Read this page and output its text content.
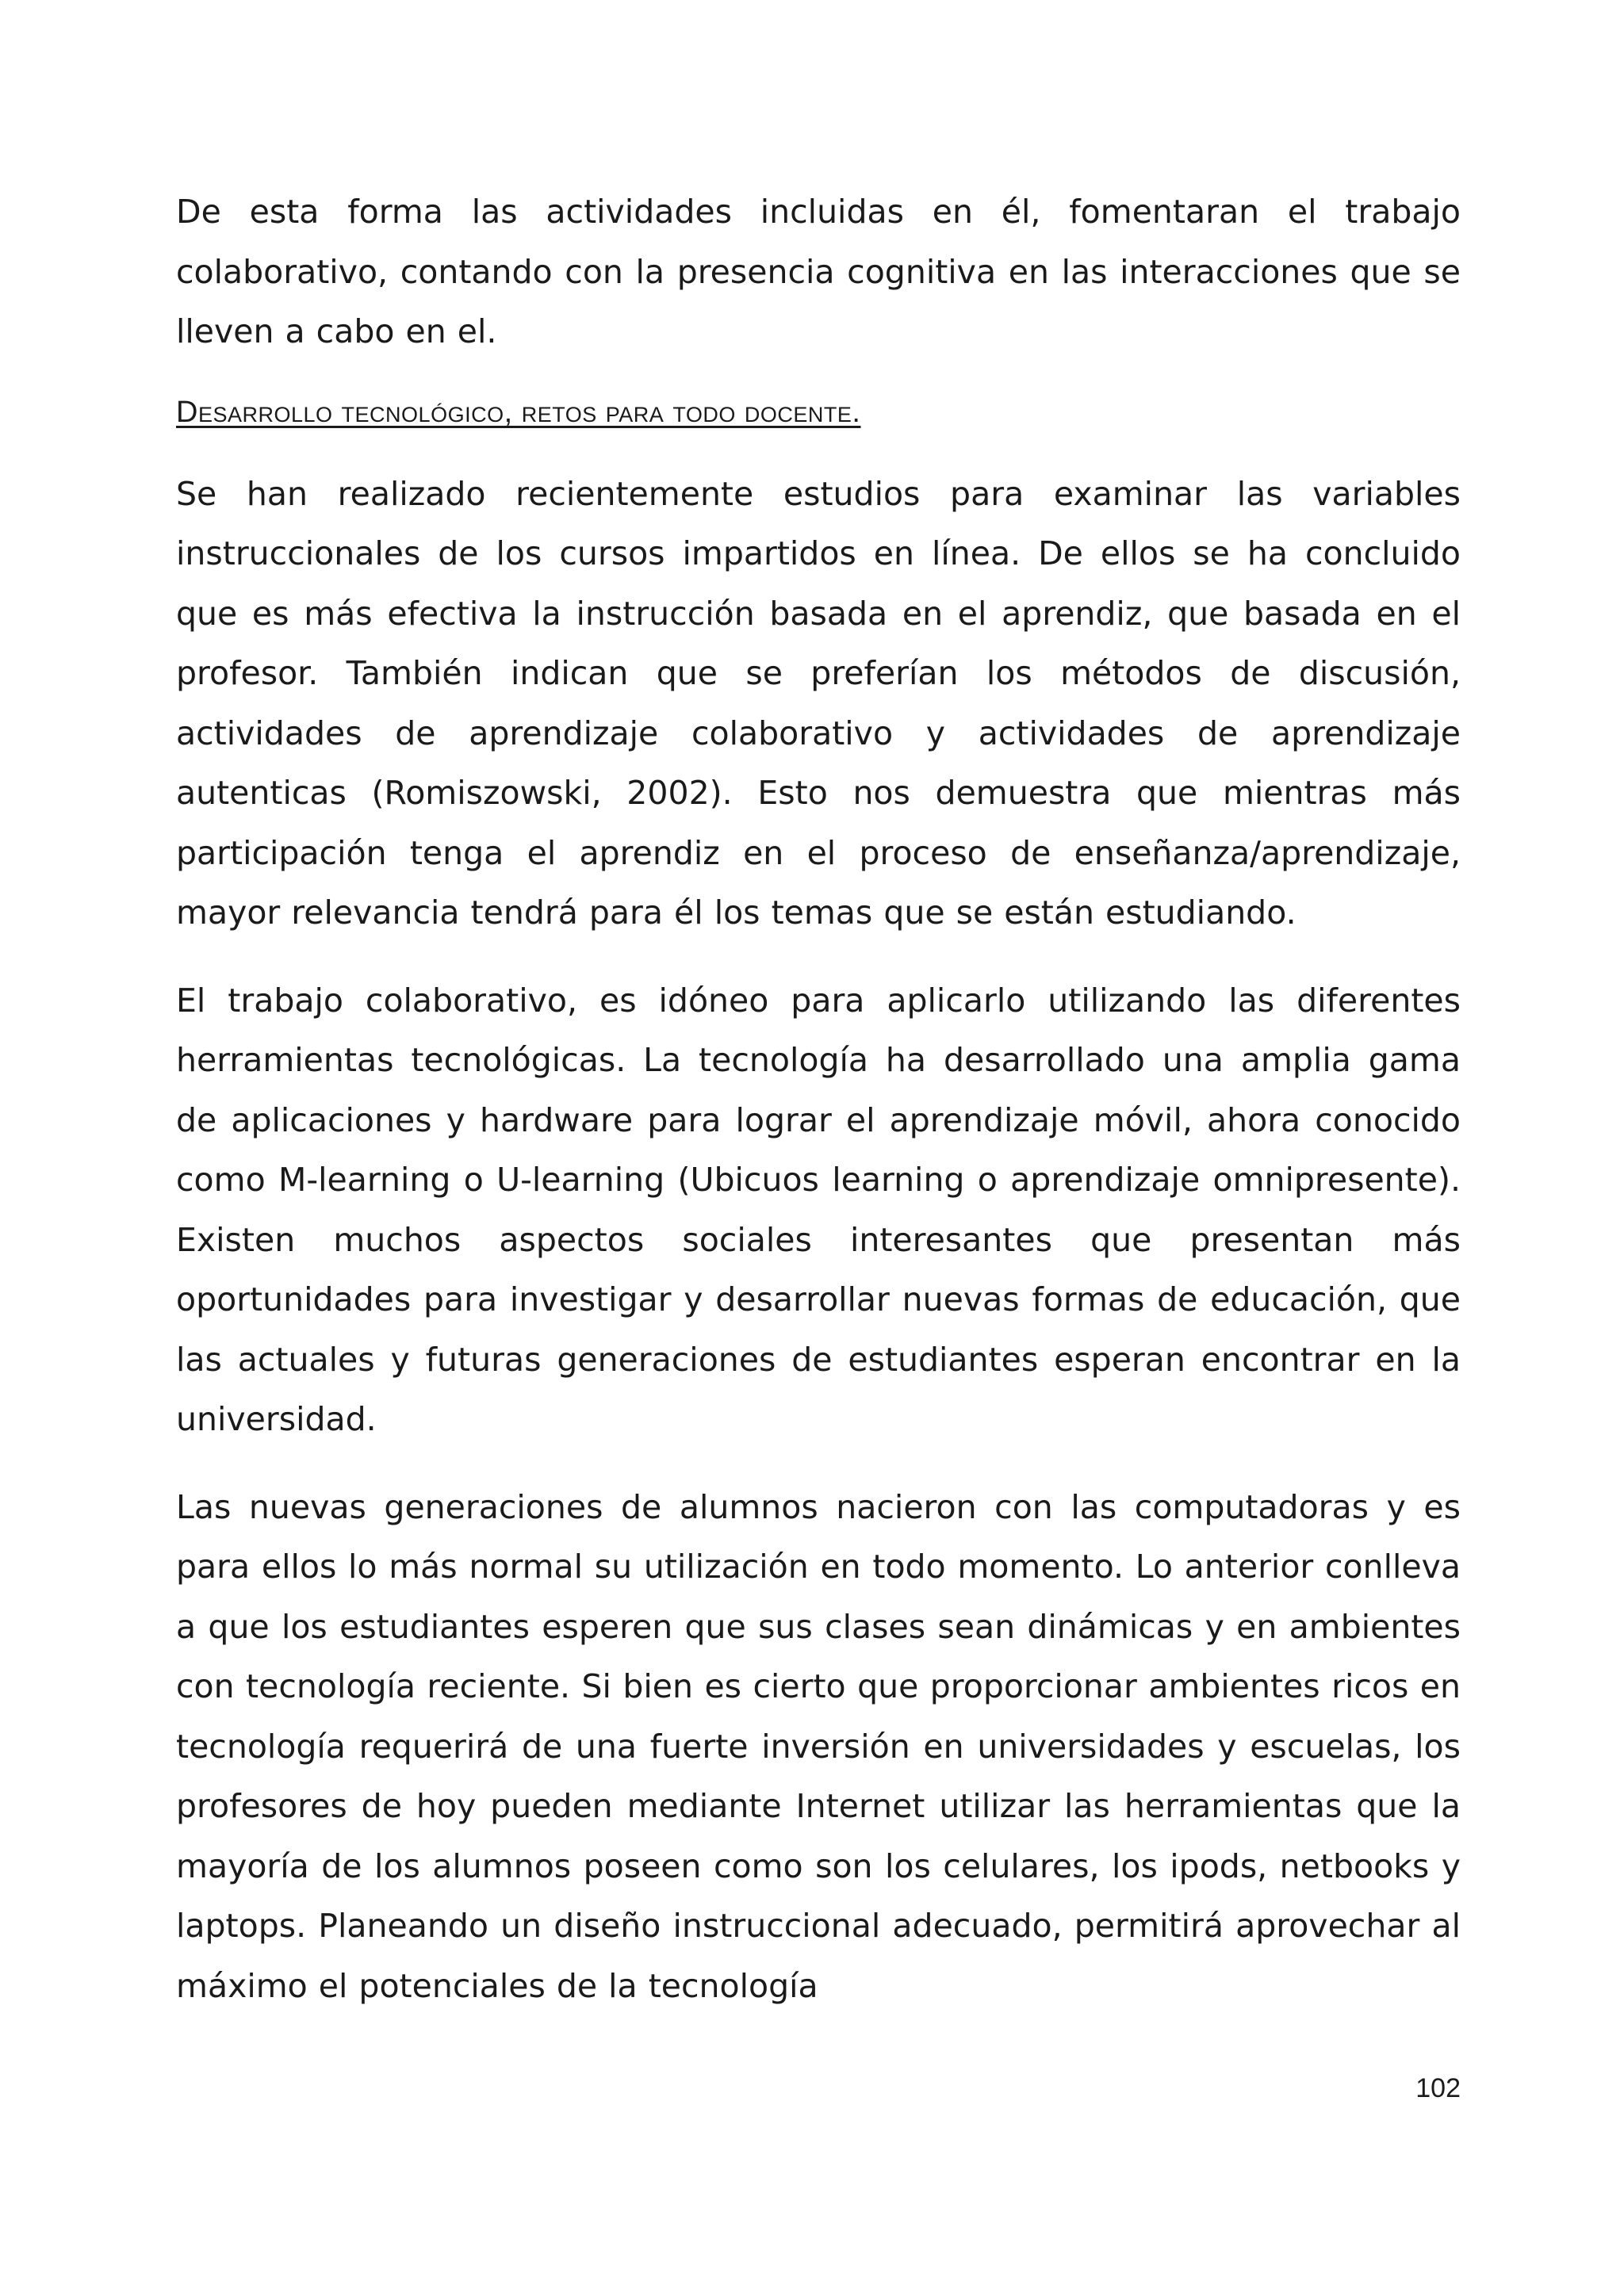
De esta forma las actividades incluidas en él, fomentaran el trabajo colaborativo, contando con la presencia cognitiva en las interacciones que se lleven a cabo en el.

Desarrollo tecnológico, retos para todo docente.

Se han realizado recientemente estudios para examinar las variables instruccionales de los cursos impartidos en línea. De ellos se ha concluido que es más efectiva la instrucción basada en el aprendiz, que basada en el profesor. También indican que se preferían los métodos de discusión, actividades de aprendizaje colaborativo y actividades de aprendizaje autenticas (Romiszowski, 2002). Esto nos demuestra que mientras más participación tenga el aprendiz en el proceso de enseñanza/aprendizaje, mayor relevancia tendrá para él los temas que se están estudiando.

El trabajo colaborativo, es idóneo para aplicarlo utilizando las diferentes herramientas tecnológicas. La tecnología ha desarrollado una amplia gama de aplicaciones y hardware para lograr el aprendizaje móvil, ahora conocido como M-learning o U-learning (Ubicuos learning o aprendizaje omnipresente). Existen muchos aspectos sociales interesantes que presentan más oportunidades para investigar y desarrollar nuevas formas de educación, que las actuales y futuras generaciones de estudiantes esperan encontrar en la universidad.

Las nuevas generaciones de alumnos nacieron con las computadoras y es para ellos lo más normal su utilización en todo momento. Lo anterior conlleva a que los estudiantes esperen que sus clases sean dinámicas y en ambientes con tecnología reciente. Si bien es cierto que proporcionar ambientes ricos en tecnología requerirá de una fuerte inversión en universidades y escuelas, los profesores de hoy pueden mediante Internet utilizar las herramientas que la mayoría de los alumnos poseen como son los celulares, los ipods, netbooks y laptops. Planeando un diseño instruccional adecuado, permitirá aprovechar al máximo el potenciales de la tecnología

102
